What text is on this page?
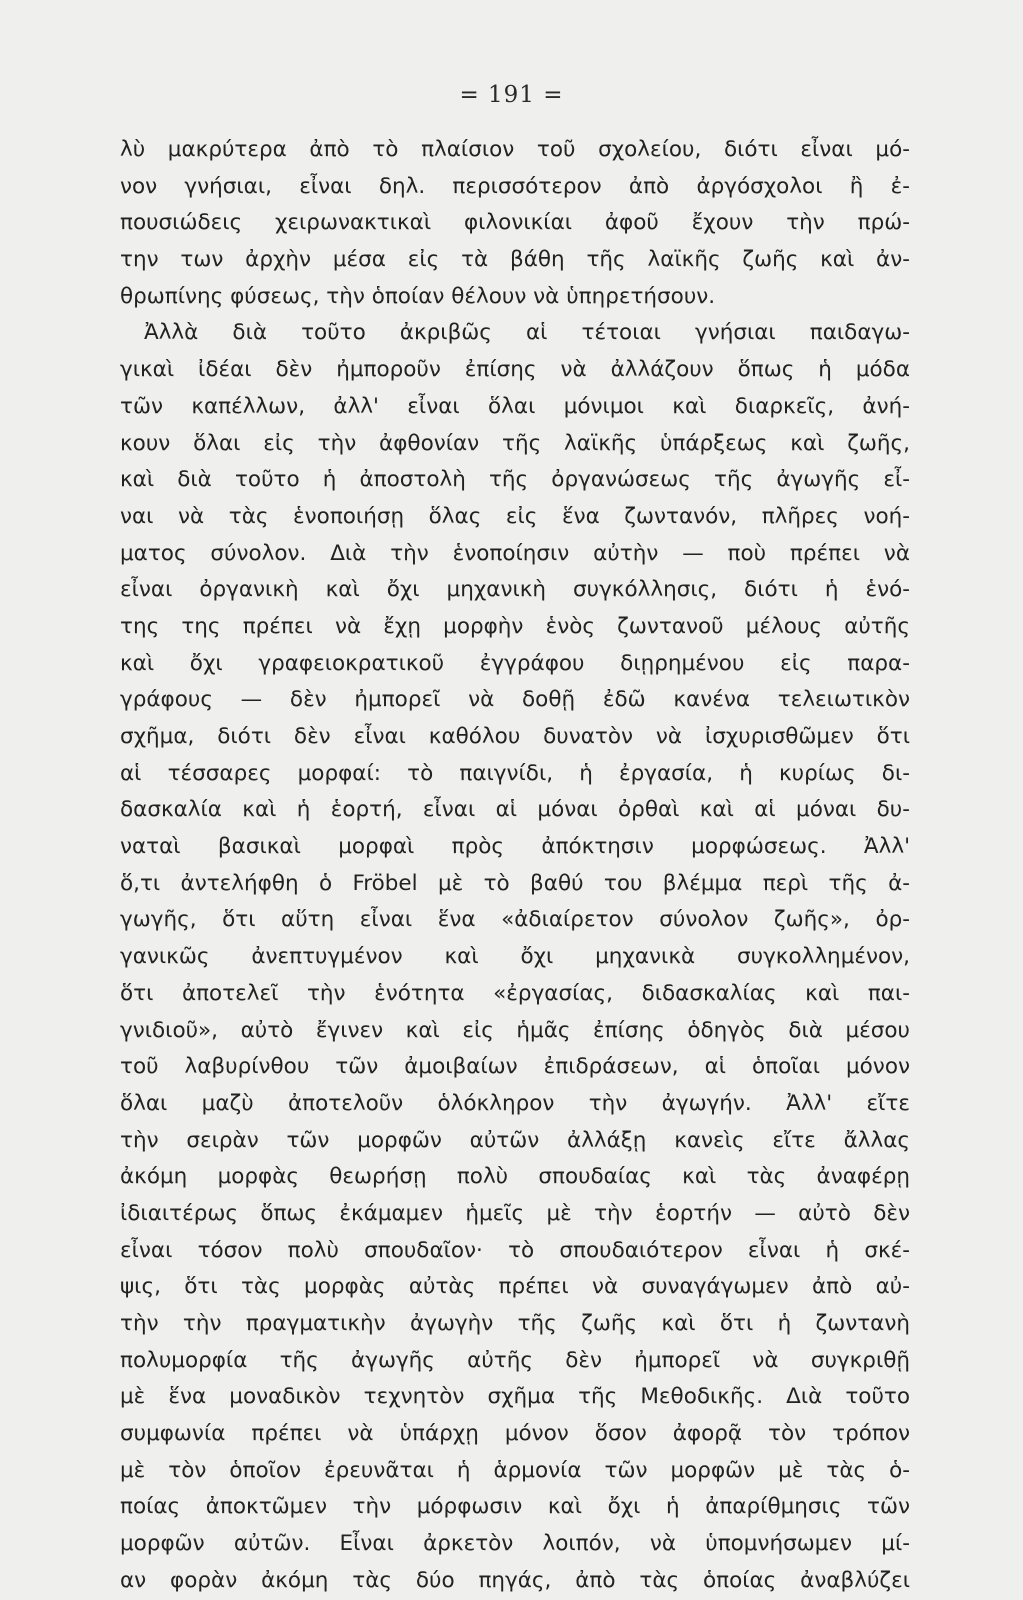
= 191 =
λὺ μακρύτερα ἀπὸ τὸ πλαίσιον τοῦ σχολείου, διότι εἶναι μό-
νον γνήσιαι, εἶναι δηλ. περισσότερον ἀπὸ ἀργόσχολοι ἢ ἐ-
πουσιώδεις χειρωνακτικαὶ φιλονικίαι ἀφοῦ ἔχουν τὴν πρώ-
την των ἀρχὴν μέσα εἰς τὰ βάθη τῆς λαϊκῆς ζωῆς καὶ ἀν-
θρωπίνης φύσεως, τὴν ὁποίαν θέλουν νὰ ὑπηρετήσουν.
Ἀλλὰ διὰ τοῦτο ἀκριβῶς αἱ τέτοιαι γνήσιαι παιδαγω-
γικαὶ ἰδέαι δὲν ἠμποροῦν ἐπίσης νὰ ἀλλάζουν ὅπως ἡ μόδα
τῶν καπέλλων, ἀλλ' εἶναι ὅλαι μόνιμοι καὶ διαρκεῖς, ἀνή-
κουν ὅλαι εἰς τὴν ἀφθονίαν τῆς λαϊκῆς ὑπάρξεως καὶ ζωῆς,
καὶ διὰ τοῦτο ἡ ἀποστολὴ τῆς ὀργανώσεως τῆς ἀγωγῆς εἶ-
ναι νὰ τὰς ἑνοποιήσῃ ὅλας εἰς ἕνα ζωντανόν, πλῆρες νοή-
ματος σύνολον. Διὰ τὴν ἑνοποίησιν αὐτὴν — ποὺ πρέπει νὰ
εἶναι ὀργανικὴ καὶ ὄχι μηχανικὴ συγκόλλησις, διότι ἡ ἑνό-
της της πρέπει νὰ ἔχῃ μορφὴν ἑνὸς ζωντανοῦ μέλους αὐτῆς
καὶ ὄχι γραφειοκρατικοῦ ἐγγράφου διῃρημένου εἰς παρα-
γράφους — δὲν ἠμπορεῖ νὰ δοθῇ ἐδῶ κανένα τελειωτικὸν
σχῆμα, διότι δὲν εἶναι καθόλου δυνατὸν νὰ ἰσχυρισθῶμεν ὅτι
αἱ τέσσαρες μορφαί: τὸ παιγνίδι, ἡ ἐργασία, ἡ κυρίως δι-
δασκαλία καὶ ἡ ἑορτή, εἶναι αἱ μόναι ὀρθαὶ καὶ αἱ μόναι δυ-
ναταὶ βασικαὶ μορφαὶ πρὸς ἀπόκτησιν μορφώσεως. Ἀλλ'
ὅ,τι ἀντελήφθη ὁ Fröbel μὲ τὸ βαθύ του βλέμμα περὶ τῆς ἀ-
γωγῆς, ὅτι αὕτη εἶναι ἕνα «ἀδιαίρετον σύνολον ζωῆς», ὀρ-
γανικῶς ἀνεπτυγμένον καὶ ὄχι μηχανικὰ συγκολλημένον,
ὅτι ἀποτελεῖ τὴν ἑνότητα «ἐργασίας, διδασκαλίας καὶ παι-
γνιδιοῦ», αὐτὸ ἔγινεν καὶ εἰς ἡμᾶς ἐπίσης ὁδηγὸς διὰ μέσου
τοῦ λαβυρίνθου τῶν ἀμοιβαίων ἐπιδράσεων, αἱ ὁποῖαι μόνον
ὅλαι μαζὺ ἀποτελοῦν ὁλόκληρον τὴν ἀγωγήν. Ἀλλ' εἴτε
τὴν σειρὰν τῶν μορφῶν αὐτῶν ἀλλάξῃ κανεὶς εἴτε ἄλλας
ἀκόμη μορφὰς θεωρήσῃ πολὺ σπουδαίας καὶ τὰς ἀναφέρῃ
ἰδιαιτέρως ὅπως ἐκάμαμεν ἡμεῖς μὲ τὴν ἑορτήν — αὐτὸ δὲν
εἶναι τόσον πολὺ σπουδαῖον· τὸ σπουδαιότερον εἶναι ἡ σκέ-
ψις, ὅτι τὰς μορφὰς αὐτὰς πρέπει νὰ συναγάγωμεν ἀπὸ αὐ-
τὴν τὴν πραγματικὴν ἀγωγὴν τῆς ζωῆς καὶ ὅτι ἡ ζωντανὴ
πολυμορφία τῆς ἀγωγῆς αὐτῆς δὲν ἠμπορεῖ νὰ συγκριθῇ
μὲ ἕνα μοναδικὸν τεχνητὸν σχῆμα τῆς Μεθοδικῆς. Διὰ τοῦτο
συμφωνία πρέπει νὰ ὑπάρχῃ μόνον ὅσον ἀφορᾷ τὸν τρόπον
μὲ τὸν ὁποῖον ἐρευνᾶται ἡ ἁρμονία τῶν μορφῶν μὲ τὰς ὁ-
ποίας ἀποκτῶμεν τὴν μόρφωσιν καὶ ὄχι ἡ ἀπαρίθμησις τῶν
μορφῶν αὐτῶν. Εἶναι ἀρκετὸν λοιπόν, νὰ ὑπομνήσωμεν μί-
αν φορὰν ἀκόμη τὰς δύο πηγάς, ἀπὸ τὰς ὁποίας ἀναβλύζει
